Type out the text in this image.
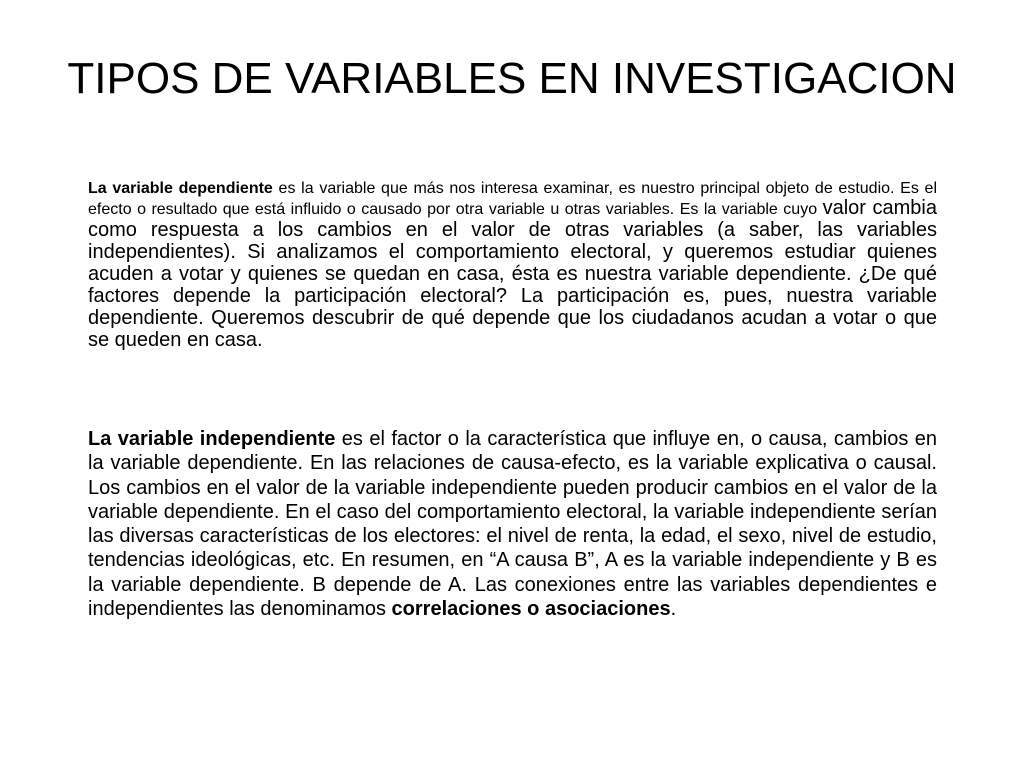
TIPOS DE VARIABLES EN INVESTIGACION

La variable dependiente es la variable que más nos interesa examinar, es nuestro principal objeto de estudio. Es el efecto o resultado que está influido o causado por otra variable u otras variables. Es la variable cuyo valor cambia como respuesta a los cambios en el valor de otras variables (a saber, las variables independientes). Si analizamos el comportamiento electoral, y queremos estudiar quienes acuden a votar y quienes se quedan en casa, ésta es nuestra variable dependiente. ¿De qué factores depende la participación electoral? La participación es, pues, nuestra variable dependiente. Queremos descubrir de qué depende que los ciudadanos acudan a votar o que se queden en casa.

La variable independiente es el factor o la característica que influye en, o causa, cambios en la variable dependiente. En las relaciones de causa-efecto, es la variable explicativa o causal. Los cambios en el valor de la variable independiente pueden producir cambios en el valor de la variable dependiente. En el caso del comportamiento electoral, la variable independiente serían las diversas características de los electores: el nivel de renta, la edad, el sexo, nivel de estudio, tendencias ideológicas, etc. En resumen, en “A causa B”, A es la variable independiente y B es la variable dependiente. B depende de A. Las conexiones entre las variables dependientes e independientes las denominamos correlaciones o asociaciones.
